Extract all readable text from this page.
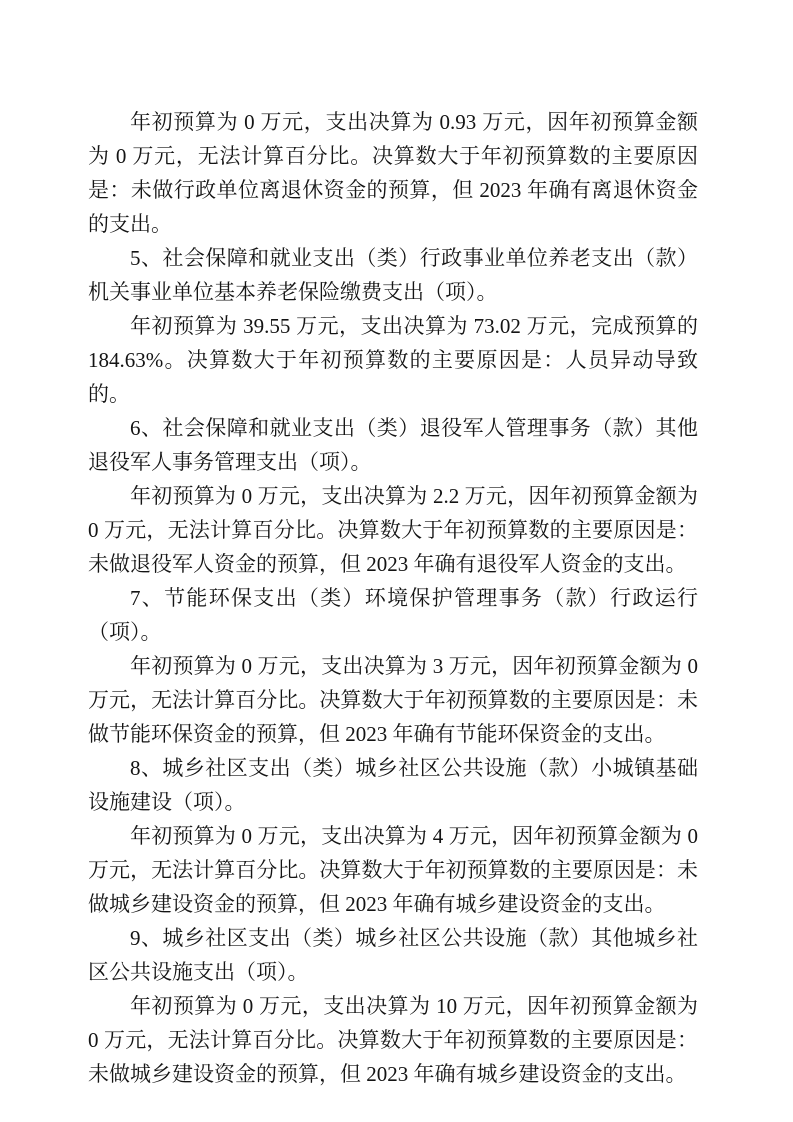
年初预算为 0 万元，支出决算为 0.93 万元，因年初预算金额为 0 万元，无法计算百分比。决算数大于年初预算数的主要原因是：未做行政单位离退休资金的预算，但 2023 年确有离退休资金的支出。

5、社会保障和就业支出（类）行政事业单位养老支出（款）机关事业单位基本养老保险缴费支出（项）。

年初预算为 39.55 万元，支出决算为 73.02 万元，完成预算的 184.63%。决算数大于年初预算数的主要原因是：人员异动导致的。

6、社会保障和就业支出（类）退役军人管理事务（款）其他退役军人事务管理支出（项）。

年初预算为 0 万元，支出决算为 2.2 万元，因年初预算金额为 0 万元，无法计算百分比。决算数大于年初预算数的主要原因是：未做退役军人资金的预算，但 2023 年确有退役军人资金的支出。

7、节能环保支出（类）环境保护管理事务（款）行政运行（项）。

年初预算为 0 万元，支出决算为 3 万元，因年初预算金额为 0 万元，无法计算百分比。决算数大于年初预算数的主要原因是：未做节能环保资金的预算，但 2023 年确有节能环保资金的支出。

8、城乡社区支出（类）城乡社区公共设施（款）小城镇基础设施建设（项）。

年初预算为 0 万元，支出决算为 4 万元，因年初预算金额为 0 万元，无法计算百分比。决算数大于年初预算数的主要原因是：未做城乡建设资金的预算，但 2023 年确有城乡建设资金的支出。

9、城乡社区支出（类）城乡社区公共设施（款）其他城乡社区公共设施支出（项）。

年初预算为 0 万元，支出决算为 10 万元，因年初预算金额为 0 万元，无法计算百分比。决算数大于年初预算数的主要原因是：未做城乡建设资金的预算，但 2023 年确有城乡建设资金的支出。
